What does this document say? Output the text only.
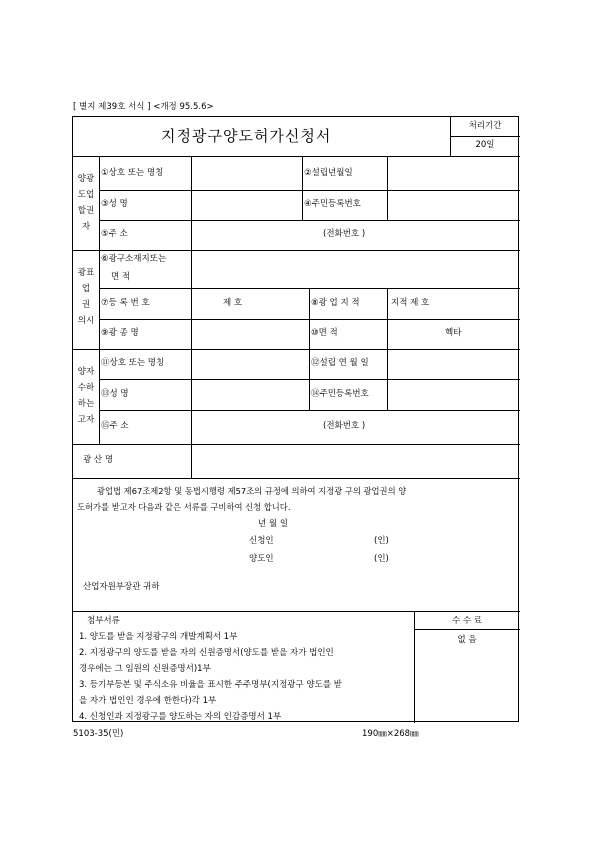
[ 별지 제39호 서식 ] <개정 95.5.6>
지정광구양도허가신청서
처리기간
20일
양광
도업
할권
자
①상호 또는 명칭	②설립년월일
③성 명	④주민등록번호
⑤주 소	(전화번호 )
광표
업
권
의시
⑥광구소재지또는
면 적
⑦등 록 번 호	제 호	⑧광 업 지 적	지적 제 호
⑨광 종 명	⑩면 적	헥타
양자
수하
하는
고자
⑪상호 또는 명칭	⑫설립 연 월 일
⑬성 명	⑭주민등록번호
⑮주 소	(전화번호 )
광 산 명
광업법 제67조제2항 및 동법시행령 제57조의 규정에 의하여 지정광 구의 광업권의 양
도허가를 받고자 다음과 같은 서류를 구비하여 신청 합니다.
년 월 일
신청인	(인)
양도인	(인)
산업자원부장관 귀하
첨부서류
1. 양도를 받을 지정광구의 개발계획서 1부
2. 지정광구의 양도를 받을 자의 신원증명서(양도를 받을 자가 법인인
경우에는 그 임원의 신원증명서)1부
3. 등기부등본 및 주식소유 비율을 표시한 주주명부(지정광구 양도를 받
을 자가 법인인 경우에 한한다)각 1부
4. 신청인과 지정광구를 양도하는 자의 인감증명서 1부
수 수 료
없 음
5103-35(민)	190㎜×268㎜
